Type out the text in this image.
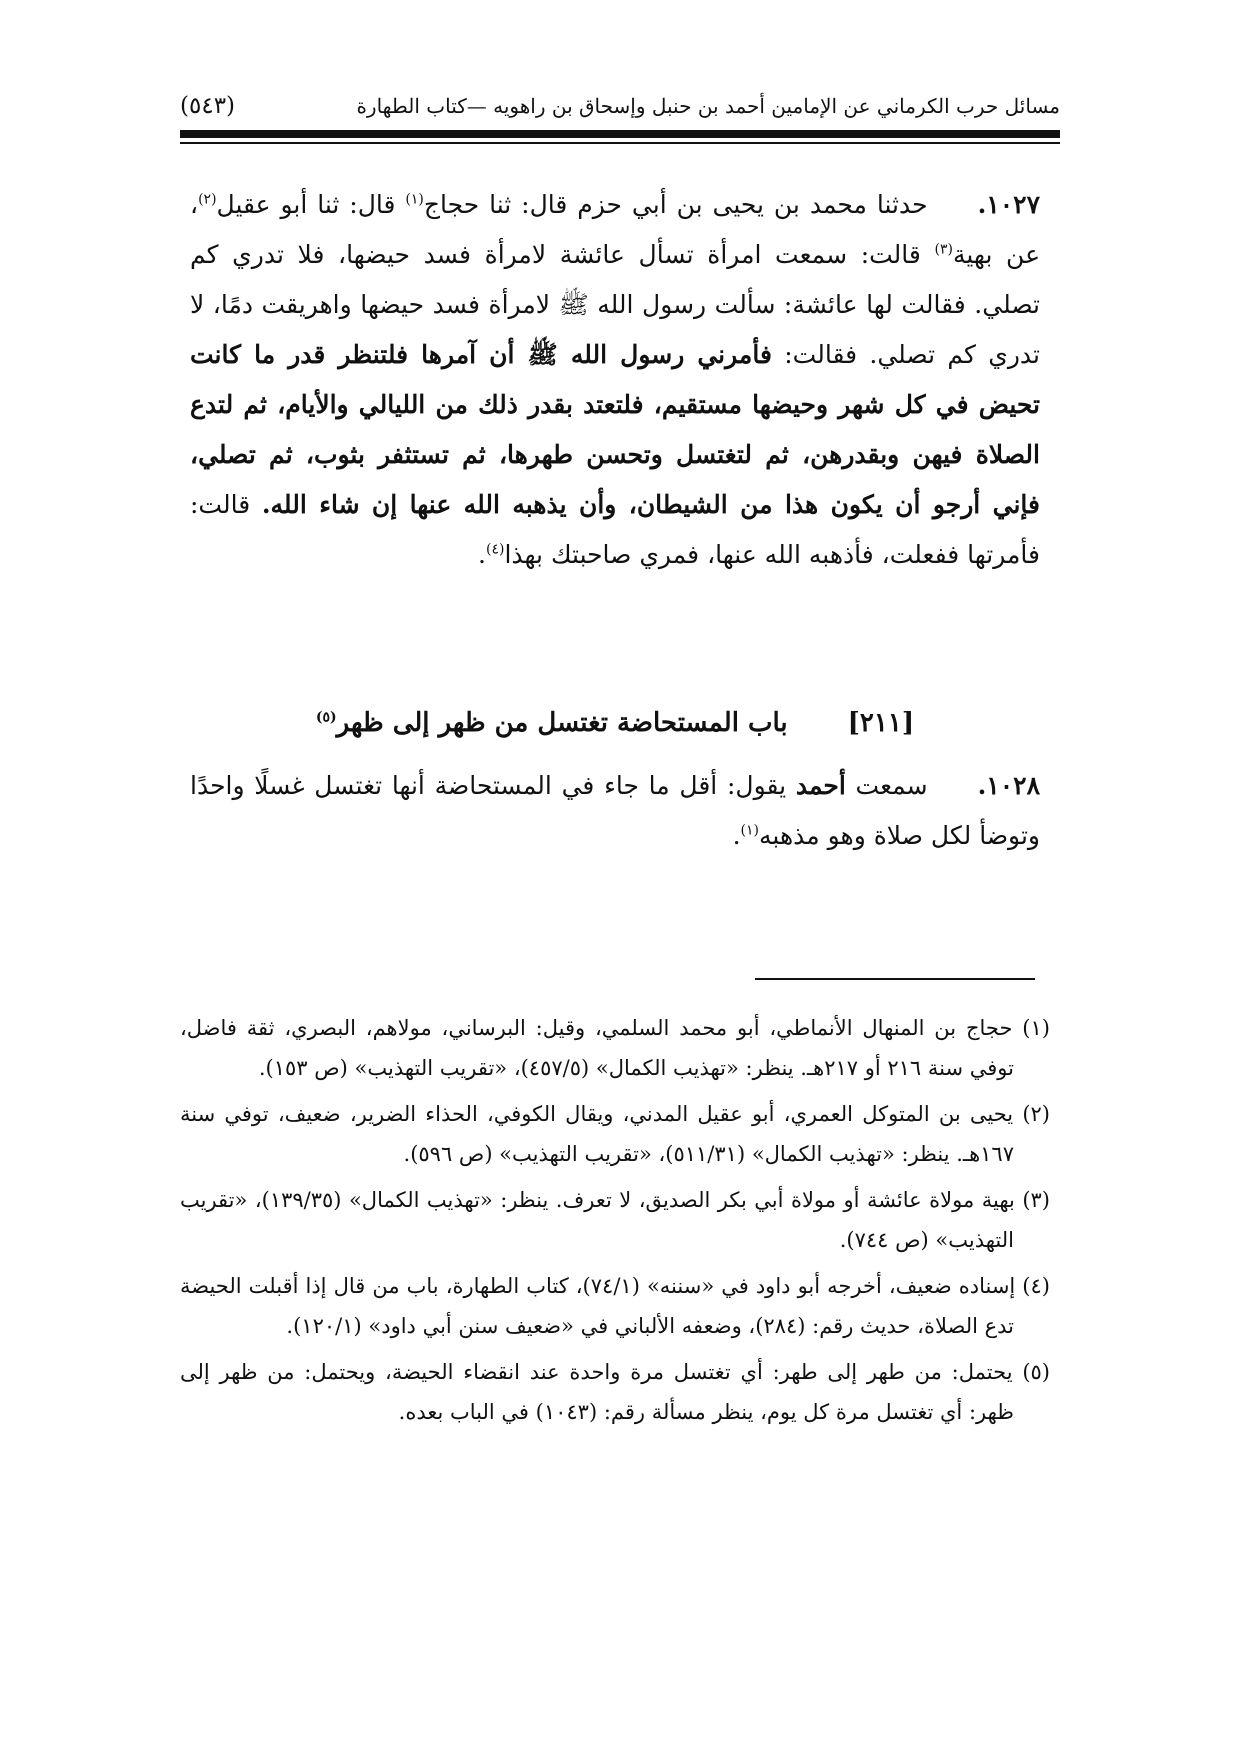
مسائل حرب الكرماني عن الإمامين أحمد بن حنبل وإسحاق بن راهويه —كتاب الطهارة
(٥٤٣)
١٠٢٧.حدثنا محمد بن يحيى بن أبي حزم قال: ثنا حجاج$^{(١)}$ قال: ثنا أبو عقيل$^{(٢)}$، عن بهية$^{(٣)}$ قالت: سمعت امرأة تسأل عائشة لامرأة فسد حيضها، فلا تدري كم تصلي. فقالت لها عائشة: سألت رسول الله ﷺ لامرأة فسد حيضها واهريقت دمًا، لا تدري كم تصلي. فقالت: فأمرني رسول الله ﷺ أن آمرها فلتنظر قدر ما كانت تحيض في كل شهر وحيضها مستقيم، فلتعتد بقدر ذلك من الليالي والأيام، ثم لتدع الصلاة فيهن وبقدرهن، ثم لتغتسل وتحسن طهرها، ثم تستثفر بثوب، ثم تصلي، فإني أرجو أن يكون هذا من الشيطان، وأن يذهبه الله عنها إن شاء الله. قالت: فأمرتها ففعلت، فأذهبه الله عنها، فمري صاحبتك بهذا$^{(٤)}$.
[٢١١]باب المستحاضة تغتسل من ظهر إلى ظهر$^{(٥)}$
١٠٢٨.سمعت أحمد يقول: أقل ما جاء في المستحاضة أنها تغتسل غسلًا واحدًا وتوضأ لكل صلاة وهو مذهبه$^{(١)}$.
(١) حجاج بن المنهال الأنماطي، أبو محمد السلمي، وقيل: البرساني، مولاهم، البصري، ثقة فاضل، توفي سنة ٢١٦ أو ٢١٧هـ. ينظر: «تهذيب الكمال» (٤٥٧/٥)، «تقريب التهذيب» (ص ١٥٣).
(٢) يحيى بن المتوكل العمري، أبو عقيل المدني، ويقال الكوفي، الحذاء الضرير، ضعيف، توفي سنة ١٦٧هـ. ينظر: «تهذيب الكمال» (٥١١/٣١)، «تقريب التهذيب» (ص ٥٩٦).
(٣) بهية مولاة عائشة أو مولاة أبي بكر الصديق، لا تعرف. ينظر: «تهذيب الكمال» (١٣٩/٣٥)، «تقريب التهذيب» (ص ٧٤٤).
(٤) إسناده ضعيف، أخرجه أبو داود في «سننه» (٧٤/١)، كتاب الطهارة، باب من قال إذا أقبلت الحيضة تدع الصلاة، حديث رقم: (٢٨٤)، وضعفه الألباني في «ضعيف سنن أبي داود» (١٢٠/١).
(٥) يحتمل: من طهر إلى طهر: أي تغتسل مرة واحدة عند انقضاء الحيضة، ويحتمل: من ظهر إلى ظهر: أي تغتسل مرة كل يوم، ينظر مسألة رقم: (١٠٤٣) في الباب بعده.
